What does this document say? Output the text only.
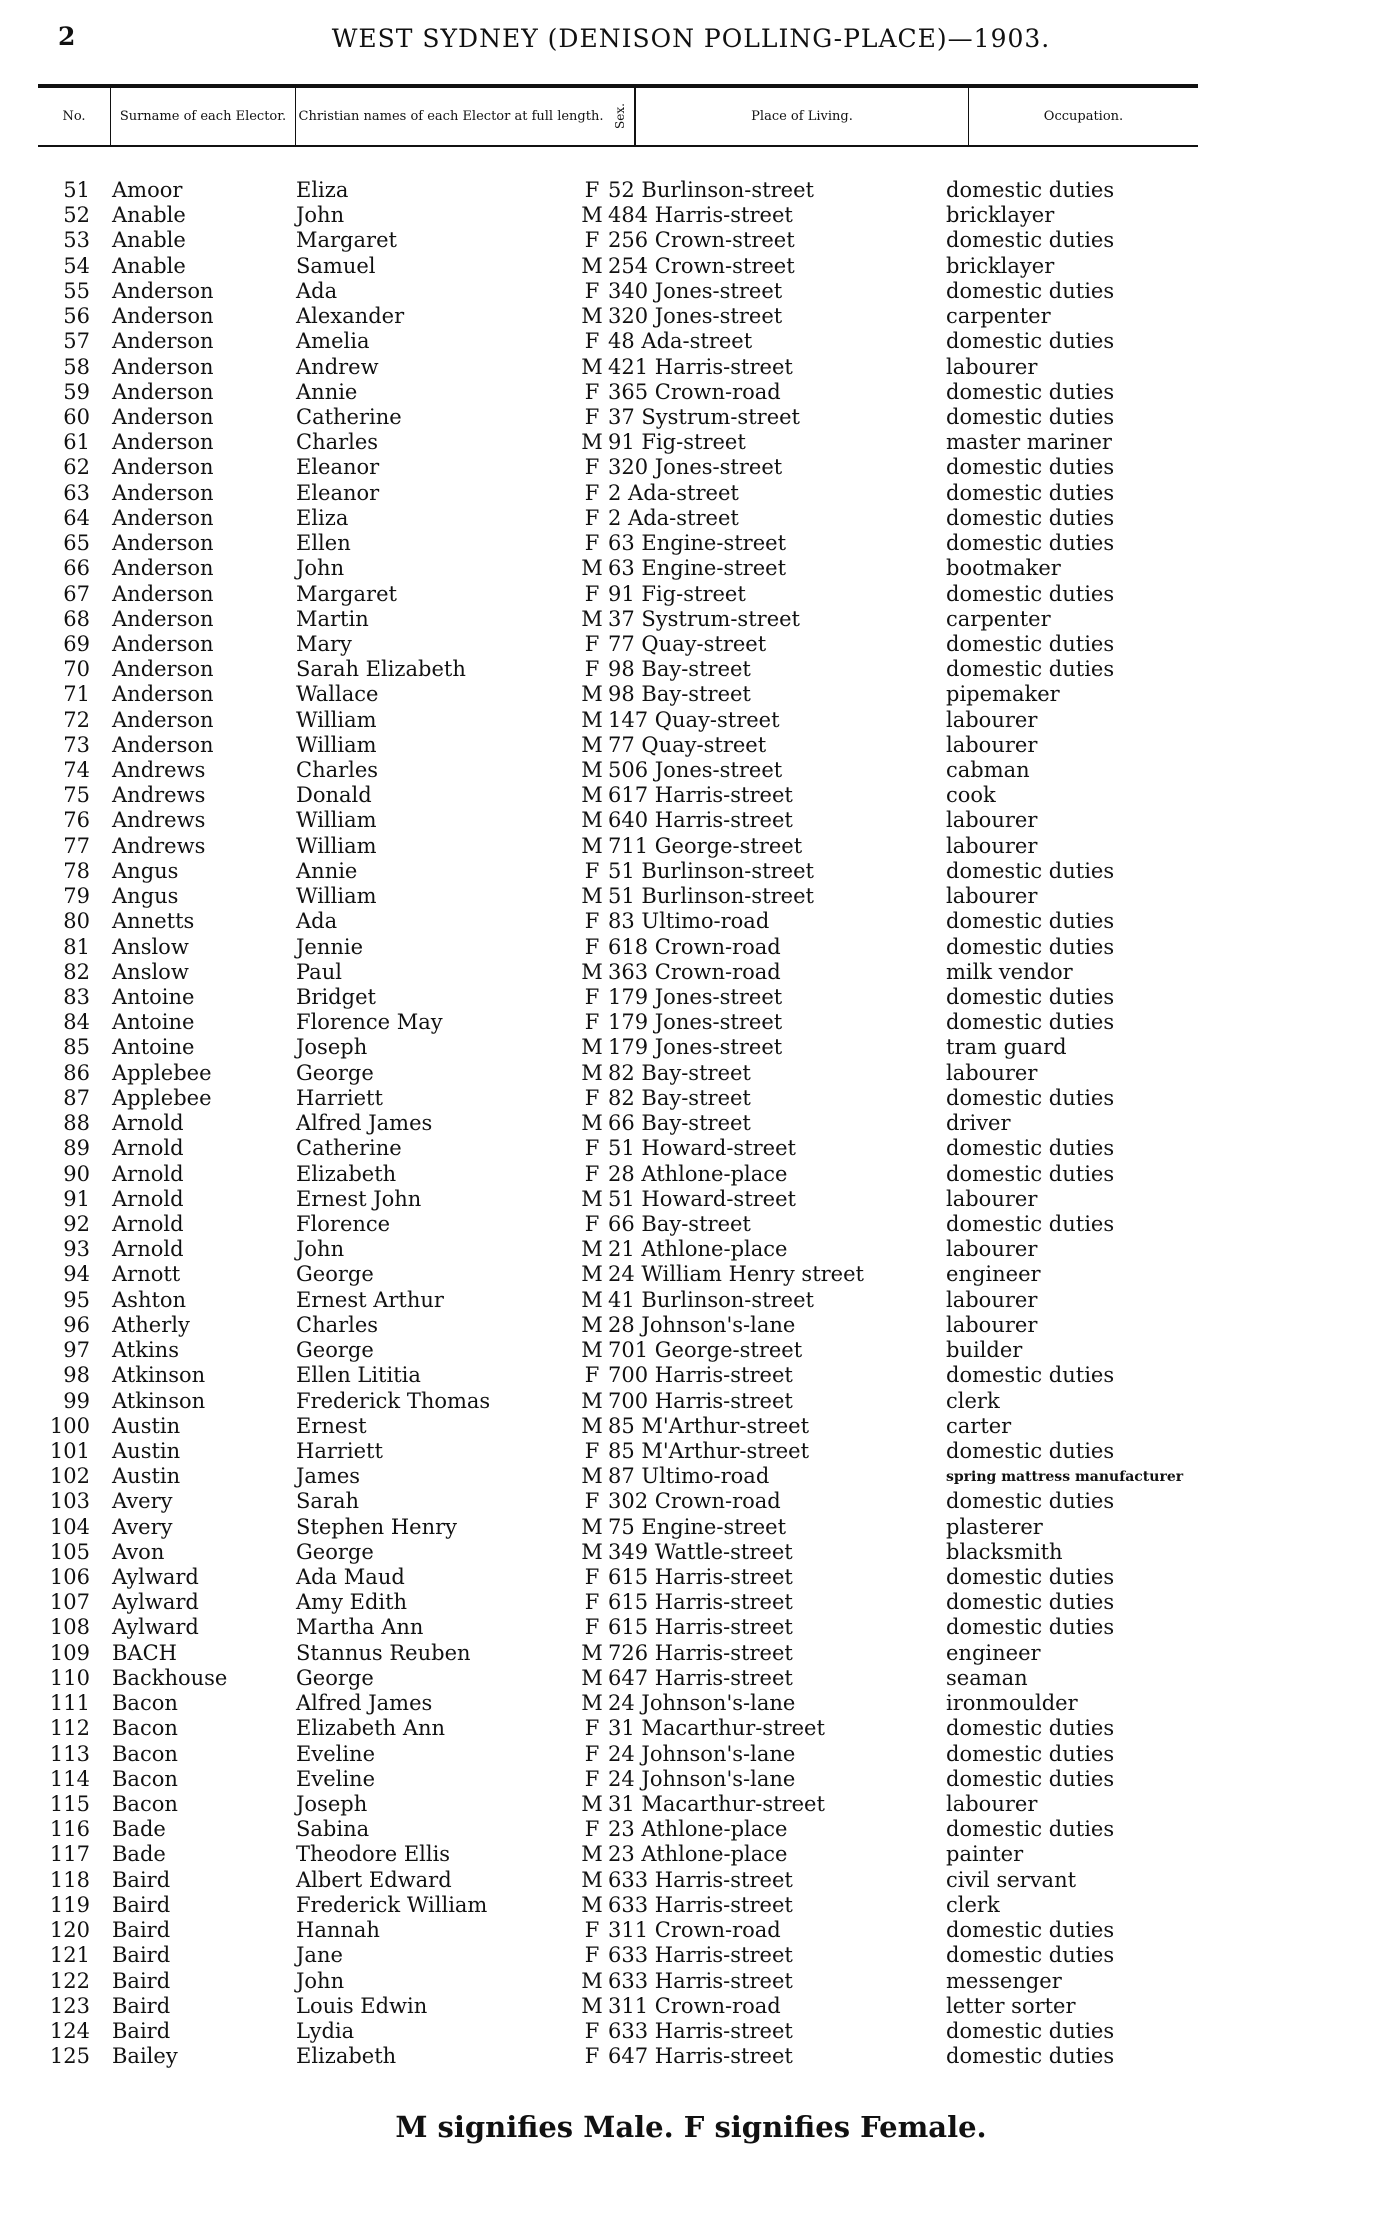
2	WEST SYDNEY (DENISON POLLING-PLACE)—1903.
No.	Surname of each Elector. Christian names of each Elector at full length. Sex.	Place of Living.	Occupation.
51 Amoor	Eliza	F 52 Burlinson-street	domestic duties
52 Anable	John	M 484 Harris-street	bricklayer
53 Anable	Margaret	F 256 Crown-street	domestic duties
54 Anable	Samuel	M 254 Crown-street	bricklayer
55 Anderson	Ada	F 340 Jones-street	domestic duties
56 Anderson	Alexander	M 320 Jones-street	carpenter
57 Anderson	Amelia	F 48 Ada-street	domestic duties
58 Anderson	Andrew	M 421 Harris-street	labourer
59 Anderson	Annie	F 365 Crown-road	domestic duties
60 Anderson	Catherine	F 37 Systrum-street	domestic duties
61 Anderson	Charles	M 91 Fig-street	master mariner
62 Anderson	Eleanor	F 320 Jones-street	domestic duties
63 Anderson	Eleanor	F 2 Ada-street	domestic duties
64 Anderson	Eliza	F 2 Ada-street	domestic duties
65 Anderson	Ellen	F 63 Engine-street	domestic duties
66 Anderson	John	M 63 Engine-street	bootmaker
67 Anderson	Margaret	F 91 Fig-street	domestic duties
68 Anderson	Martin	M 37 Systrum-street	carpenter
69 Anderson	Mary	F 77 Quay-street	domestic duties
70 Anderson	Sarah Elizabeth	F 98 Bay-street	domestic duties
71 Anderson	Wallace	M 98 Bay-street	pipemaker
72 Anderson	William	M 147 Quay-street	labourer
73 Anderson	William	M 77 Quay-street	labourer
74 Andrews	Charles	M 506 Jones-street	cabman
75 Andrews	Donald	M 617 Harris-street	cook
76 Andrews	William	M 640 Harris-street	labourer
77 Andrews	William	M 711 George-street	labourer
78 Angus	Annie	F 51 Burlinson-street	domestic duties
79 Angus	William	M 51 Burlinson-street	labourer
80 Annetts	Ada	F 83 Ultimo-road	domestic duties
81 Anslow	Jennie	F 618 Crown-road	domestic duties
82 Anslow	Paul	M 363 Crown-road	milk vendor
83 Antoine	Bridget	F 179 Jones-street	domestic duties
84 Antoine	Florence May	F 179 Jones-street	domestic duties
85 Antoine	Joseph	M 179 Jones-street	tram guard
86 Applebee	George	M 82 Bay-street	labourer
87 Applebee	Harriett	F 82 Bay-street	domestic duties
88 Arnold	Alfred James	M 66 Bay-street	driver
89 Arnold	Catherine	F 51 Howard-street	domestic duties
90 Arnold	Elizabeth	F 28 Athlone-place	domestic duties
91 Arnold	Ernest John	M 51 Howard-street	labourer
92 Arnold	Florence	F 66 Bay-street	domestic duties
93 Arnold	John	M 21 Athlone-place	labourer
94 Arnott	George	M 24 William Henry street	engineer
95 Ashton	Ernest Arthur	M 41 Burlinson-street	labourer
96 Atherly	Charles	M 28 Johnson's-lane	labourer
97 Atkins	George	M 701 George-street	builder
98 Atkinson	Ellen Lititia	F 700 Harris-street	domestic duties
99 Atkinson	Frederick Thomas	M 700 Harris-street	clerk
100 Austin	Ernest	M 85 M'Arthur-street	carter
101 Austin	Harriett	F 85 M'Arthur-street	domestic duties
102 Austin	James	M 87 Ultimo-road	spring mattress manufacturer
103 Avery	Sarah	F 302 Crown-road	domestic duties
104 Avery	Stephen Henry	M 75 Engine-street	plasterer
105 Avon	George	M 349 Wattle-street	blacksmith
106 Aylward	Ada Maud	F 615 Harris-street	domestic duties
107 Aylward	Amy Edith	F 615 Harris-street	domestic duties
108 Aylward	Martha Ann	F 615 Harris-street	domestic duties
109 BACH	Stannus Reuben	M 726 Harris-street	engineer
110 Backhouse	George	M 647 Harris-street	seaman
111 Bacon	Alfred James	M 24 Johnson's-lane	ironmoulder
112 Bacon	Elizabeth Ann	F 31 Macarthur-street	domestic duties
113 Bacon	Eveline	F 24 Johnson's-lane	domestic duties
114 Bacon	Eveline	F 24 Johnson's-lane	domestic duties
115 Bacon	Joseph	M 31 Macarthur-street	labourer
116 Bade	Sabina	F 23 Athlone-place	domestic duties
117 Bade	Theodore Ellis	M 23 Athlone-place	painter
118 Baird	Albert Edward	M 633 Harris-street	civil servant
119 Baird	Frederick William	M 633 Harris-street	clerk
120 Baird	Hannah	F 311 Crown-road	domestic duties
121 Baird	Jane	F 633 Harris-street	domestic duties
122 Baird	John	M 633 Harris-street	messenger
123 Baird	Louis Edwin	M 311 Crown-road	letter sorter
124 Baird	Lydia	F 633 Harris-street	domestic duties
125 Bailey	Elizabeth	F 647 Harris-street	domestic duties
M signifies Male. F signifies Female.
